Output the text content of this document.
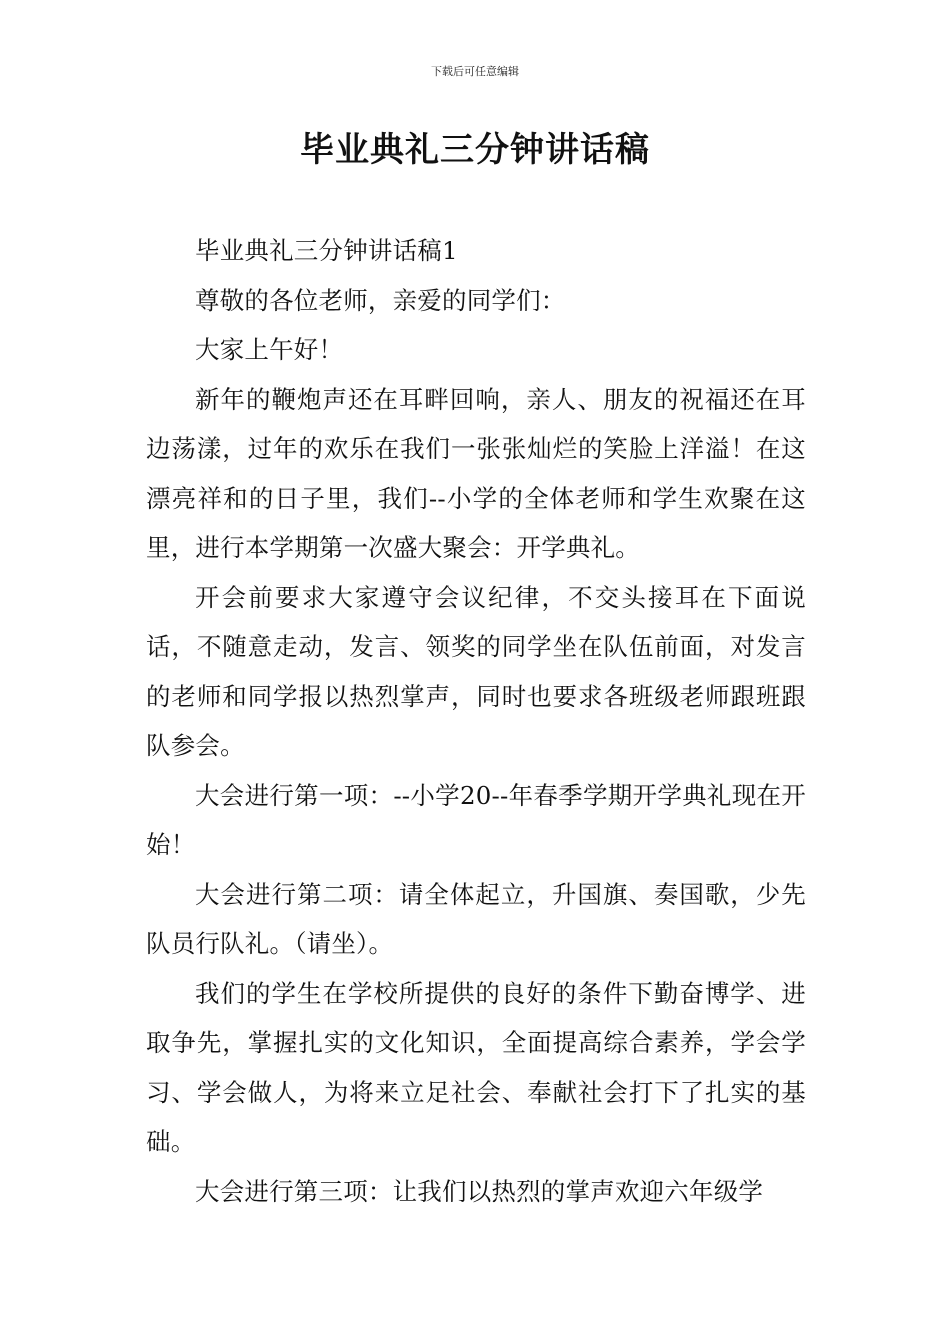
下载后可任意编辑
毕业典礼三分钟讲话稿

毕业典礼三分钟讲话稿1

尊敬的各位老师，亲爱的同学们：

大家上午好！

新年的鞭炮声还在耳畔回响，亲人、朋友的祝福还在耳边荡漾，过年的欢乐在我们一张张灿烂的笑脸上洋溢！在这漂亮祥和的日子里，我们--小学的全体老师和学生欢聚在这里，进行本学期第一次盛大聚会：开学典礼。

开会前要求大家遵守会议纪律，不交头接耳在下面说话，不随意走动，发言、领奖的同学坐在队伍前面，对发言的老师和同学报以热烈掌声，同时也要求各班级老师跟班跟队参会。

大会进行第一项：--小学20--年春季学期开学典礼现在开始！

大会进行第二项：请全体起立，升国旗、奏国歌，少先队员行队礼。（请坐）。

我们的学生在学校所提供的良好的条件下勤奋博学、进取争先，掌握扎实的文化知识，全面提高综合素养，学会学习、学会做人，为将来立足社会、奉献社会打下了扎实的基础。

大会进行第三项：让我们以热烈的掌声欢迎六年级学
